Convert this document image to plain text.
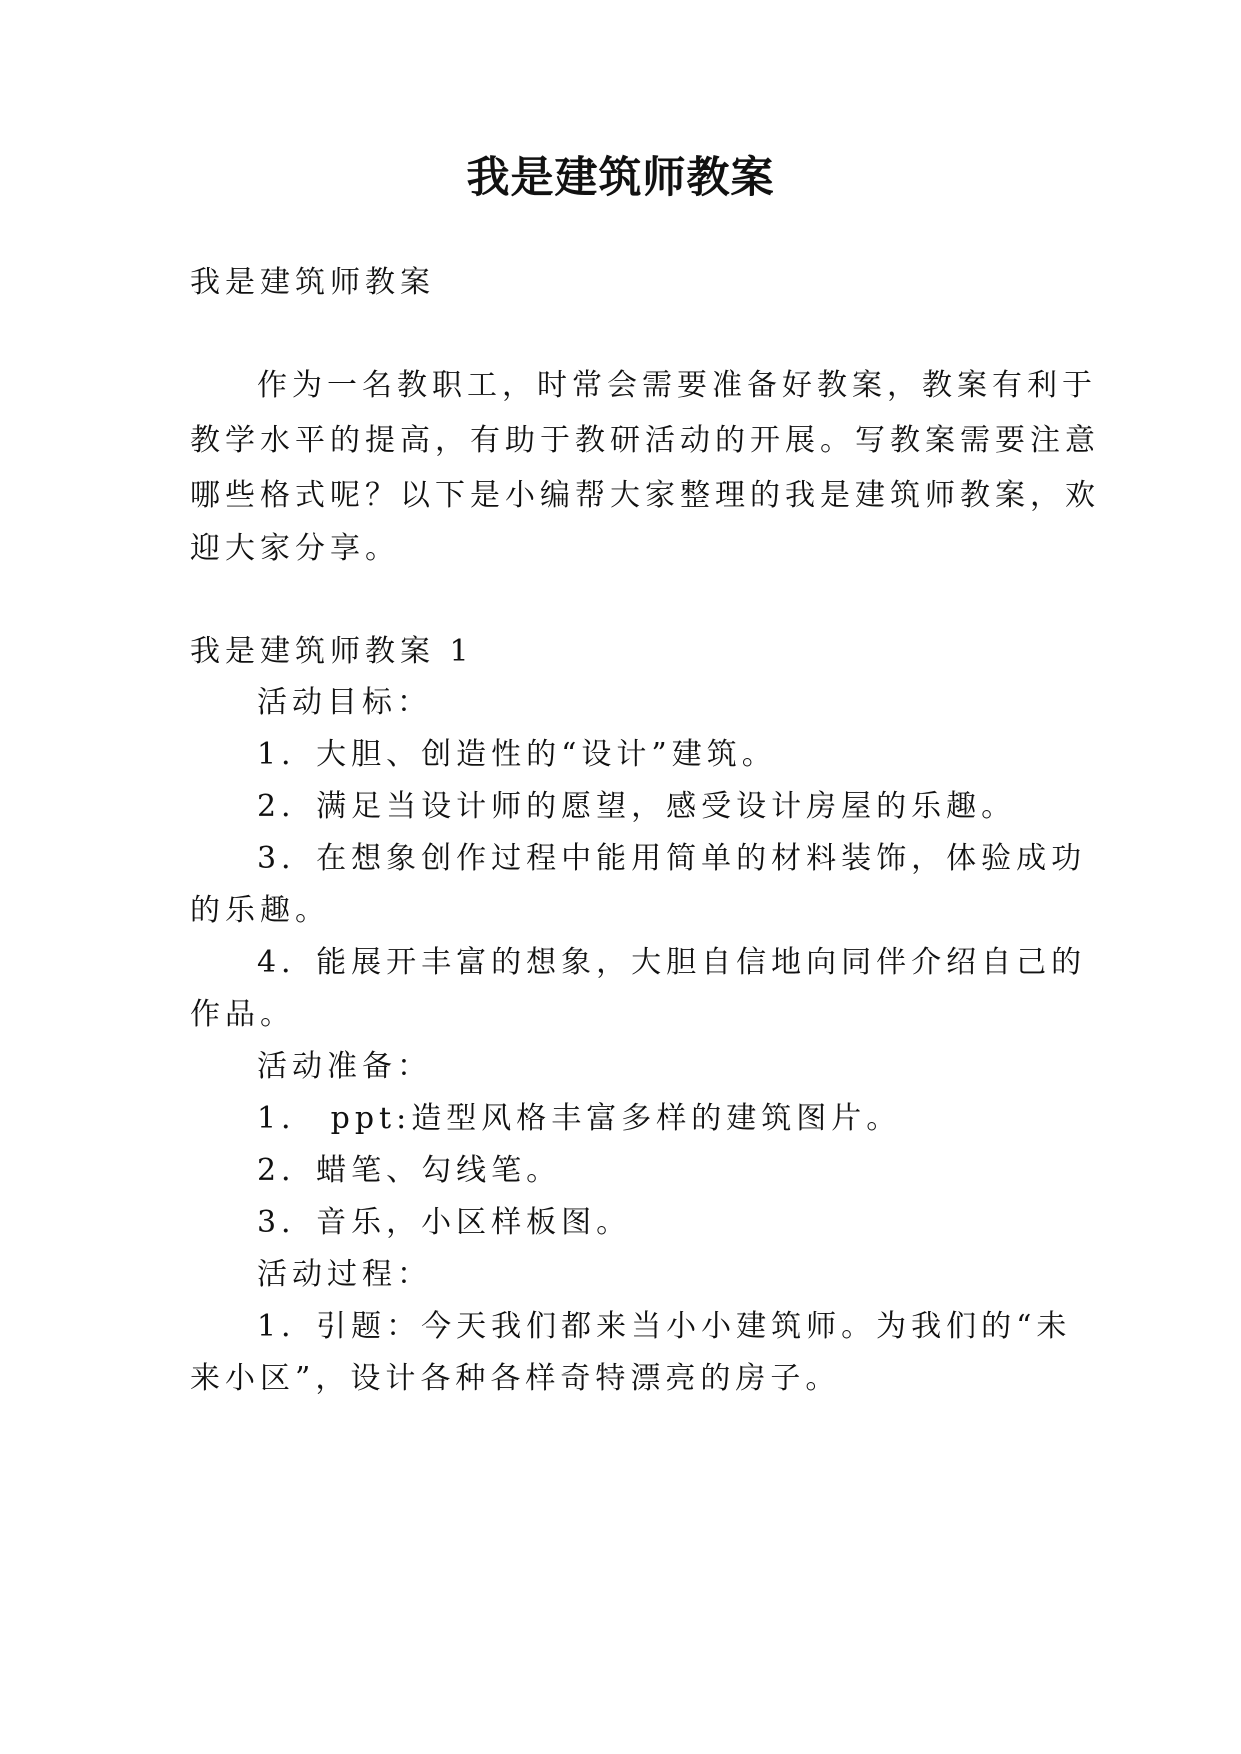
我是建筑师教案
我是建筑师教案
作为一名教职工，时常会需要准备好教案，教案有利于
教学水平的提高，有助于教研活动的开展。写教案需要注意
哪些格式呢？以下是小编帮大家整理的我是建筑师教案，欢
迎大家分享。
我是建筑师教案 1
活动目标：
1．大胆、创造性的“设计”建筑。
2．满足当设计师的愿望，感受设计房屋的乐趣。
3．在想象创作过程中能用简单的材料装饰，体验成功
的乐趣。
4．能展开丰富的想象，大胆自信地向同伴介绍自己的
作品。
活动准备：
1． ppt:造型风格丰富多样的建筑图片。
2．蜡笔、勾线笔。
3．音乐，小区样板图。
活动过程：
1．引题：今天我们都来当小小建筑师。为我们的“未
来小区”，设计各种各样奇特漂亮的房子。
